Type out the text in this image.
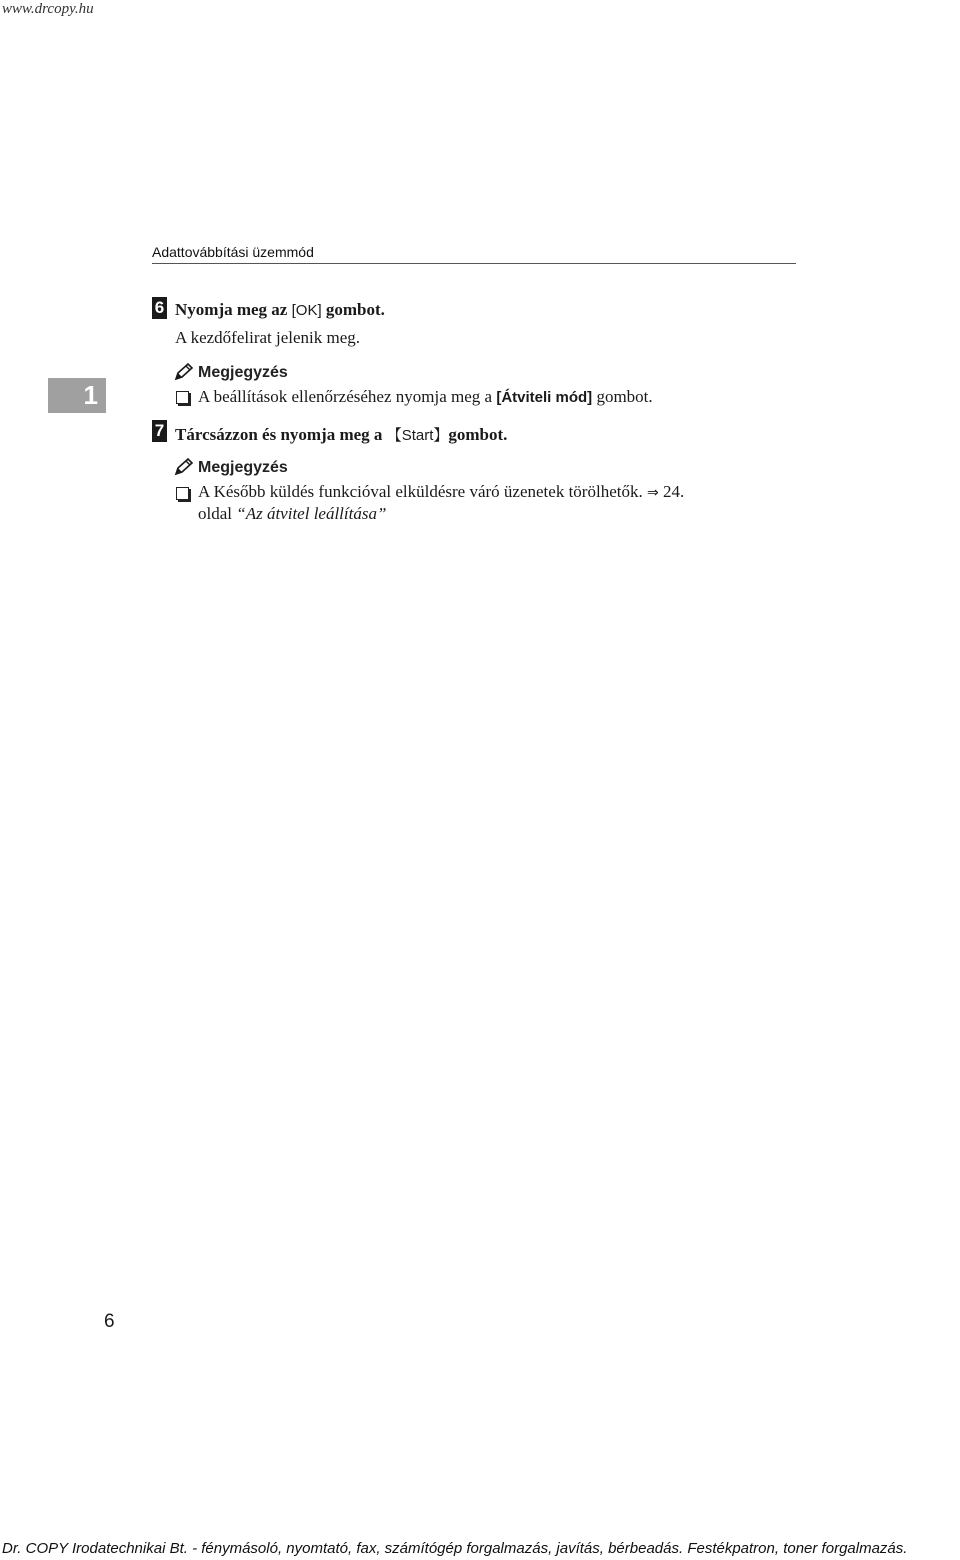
www.drcopy.hu
Adattovábbítási üzemmód
1
6 Nyomja meg az [OK] gombot.
A kezdőfelirat jelenik meg.
Megjegyzés
A beállítások ellenőrzéséhez nyomja meg a [Átviteli mód] gombot.
7 Tárcsázzon és nyomja meg a 【Start】gombot.
Megjegyzés
A Később küldés funkcióval elküldésre váró üzenetek törölhetők. ⇒ 24.
oldal “Az átvitel leállítása”
6
Dr. COPY Irodatechnikai Bt. - fénymásoló, nyomtató, fax, számítógép forgalmazás, javítás, bérbeadás. Festékpatron, toner forgalmazás.
